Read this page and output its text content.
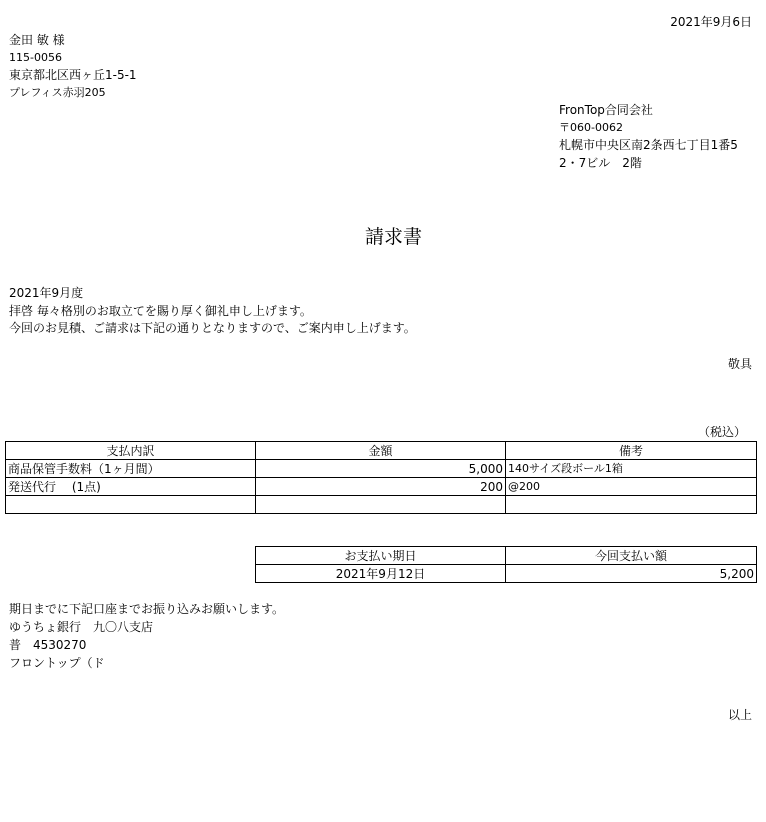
2021年9月6日
金田 敏 様
115-0056
東京都北区西ヶ丘1-5-1
プレフィス赤羽205
FronTop合同会社
〒060-0062
札幌市中央区南2条西七丁目1番5
2・7ビル　2階
請求書
2021年9月度
拝啓 毎々格別のお取立てを賜り厚く御礼申し上げます。
今回のお見積、ご請求は下記の通りとなりますので、ご案内申し上げます。
敬具
（税込）
支払内訳	金額	備考
商品保管手数料（1ヶ月間）	5,000	140サイズ段ボール1箱
発送代行　 (1点)	200	@200

お支払い期日	今回支払い額
2021年9月12日	5,200
期日までに下記口座までお振り込みお願いします。
ゆうちょ銀行　九〇八支店
普　4530270
フロントップ（ド
以上
